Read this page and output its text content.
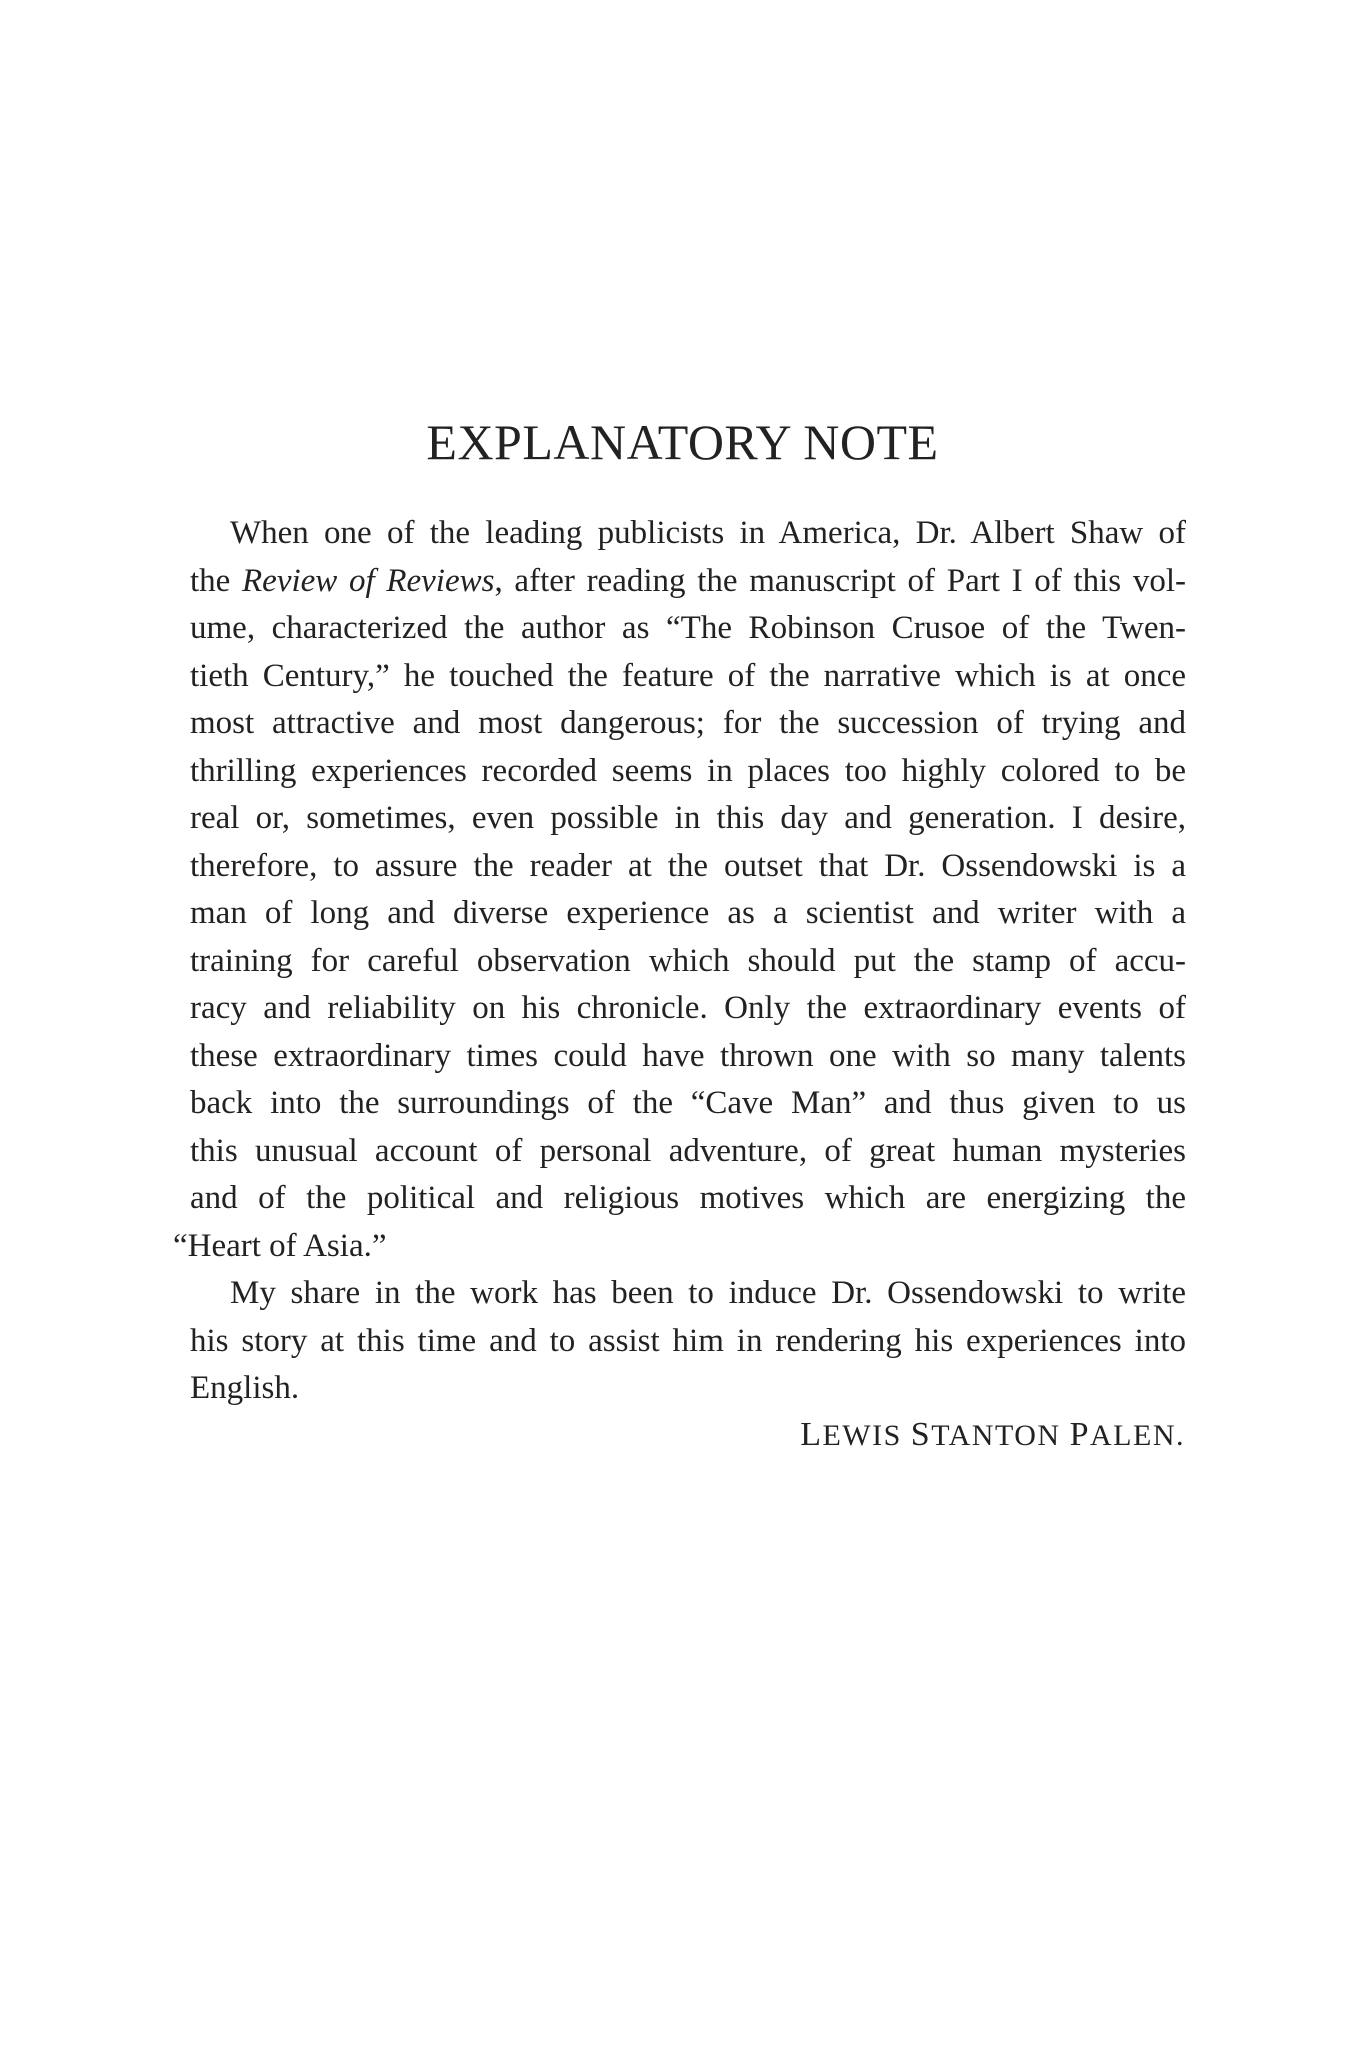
EXPLANATORY NOTE
When one of the leading publicists in America, Dr. Albert Shaw of
the Review of Reviews, after reading the manuscript of Part I of this vol-
ume, characterized the author as “The Robinson Crusoe of the Twen-
tieth Century,” he touched the feature of the narrative which is at once
most attractive and most dangerous; for the succession of trying and
thrilling experiences recorded seems in places too highly colored to be
real or, sometimes, even possible in this day and generation. I desire,
therefore, to assure the reader at the outset that Dr. Ossendowski is a
man of long and diverse experience as a scientist and writer with a
training for careful observation which should put the stamp of accu-
racy and reliability on his chronicle. Only the extraordinary events of
these extraordinary times could have thrown one with so many talents
back into the surroundings of the “Cave Man” and thus given to us
this unusual account of personal adventure, of great human mysteries
and of the political and religious motives which are energizing the
“Heart of Asia.”
My share in the work has been to induce Dr. Ossendowski to write
his story at this time and to assist him in rendering his experiences into
English.
LEWIS STANTON PALEN.
